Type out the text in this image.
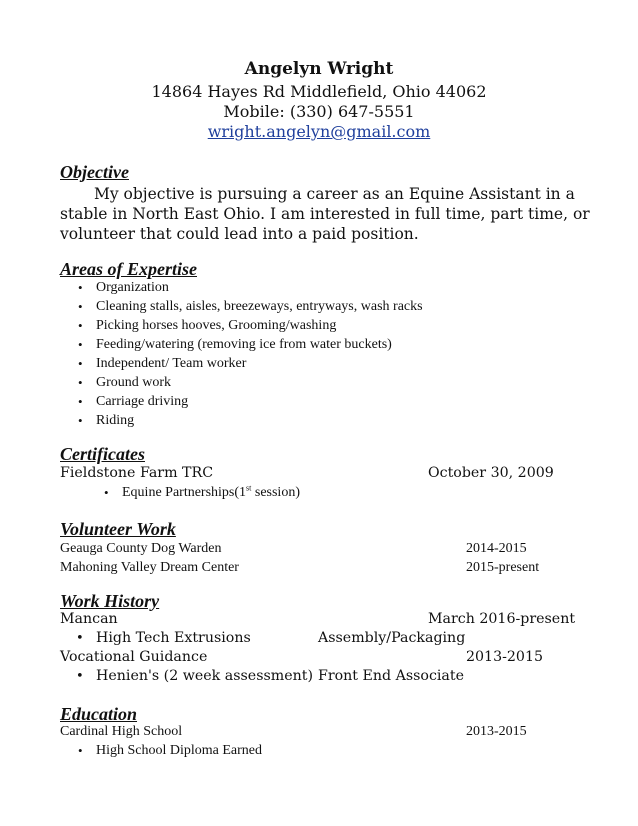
Angelyn Wright
14864 Hayes Rd Middlefield, Ohio 44062
Mobile: (330) 647-5551
wright.angelyn@gmail.com
Objective
My objective is pursuing a career as an Equine Assistant in a
stable in North East Ohio. I am interested in full time, part time, or
volunteer that could lead into a paid position.
Areas of Expertise
• Organization
• Cleaning stalls, aisles, breezeways, entryways, wash racks
• Picking horses hooves, Grooming/washing
• Feeding/watering (removing ice from water buckets)
• Independent/ Team worker
• Ground work
• Carriage driving
• Riding
Certificates
Fieldstone Farm TRC	October 30, 2009
• Equine Partnerships(1st session)
Volunteer Work
Geauga County Dog Warden	2014-2015
Mahoning Valley Dream Center	2015-present
Work History
Mancan	March 2016-present
• High Tech Extrusions	Assembly/Packaging
Vocational Guidance	2013-2015
• Henien's (2 week assessment) Front End Associate
Education
Cardinal High School	2013-2015
• High School Diploma Earned
